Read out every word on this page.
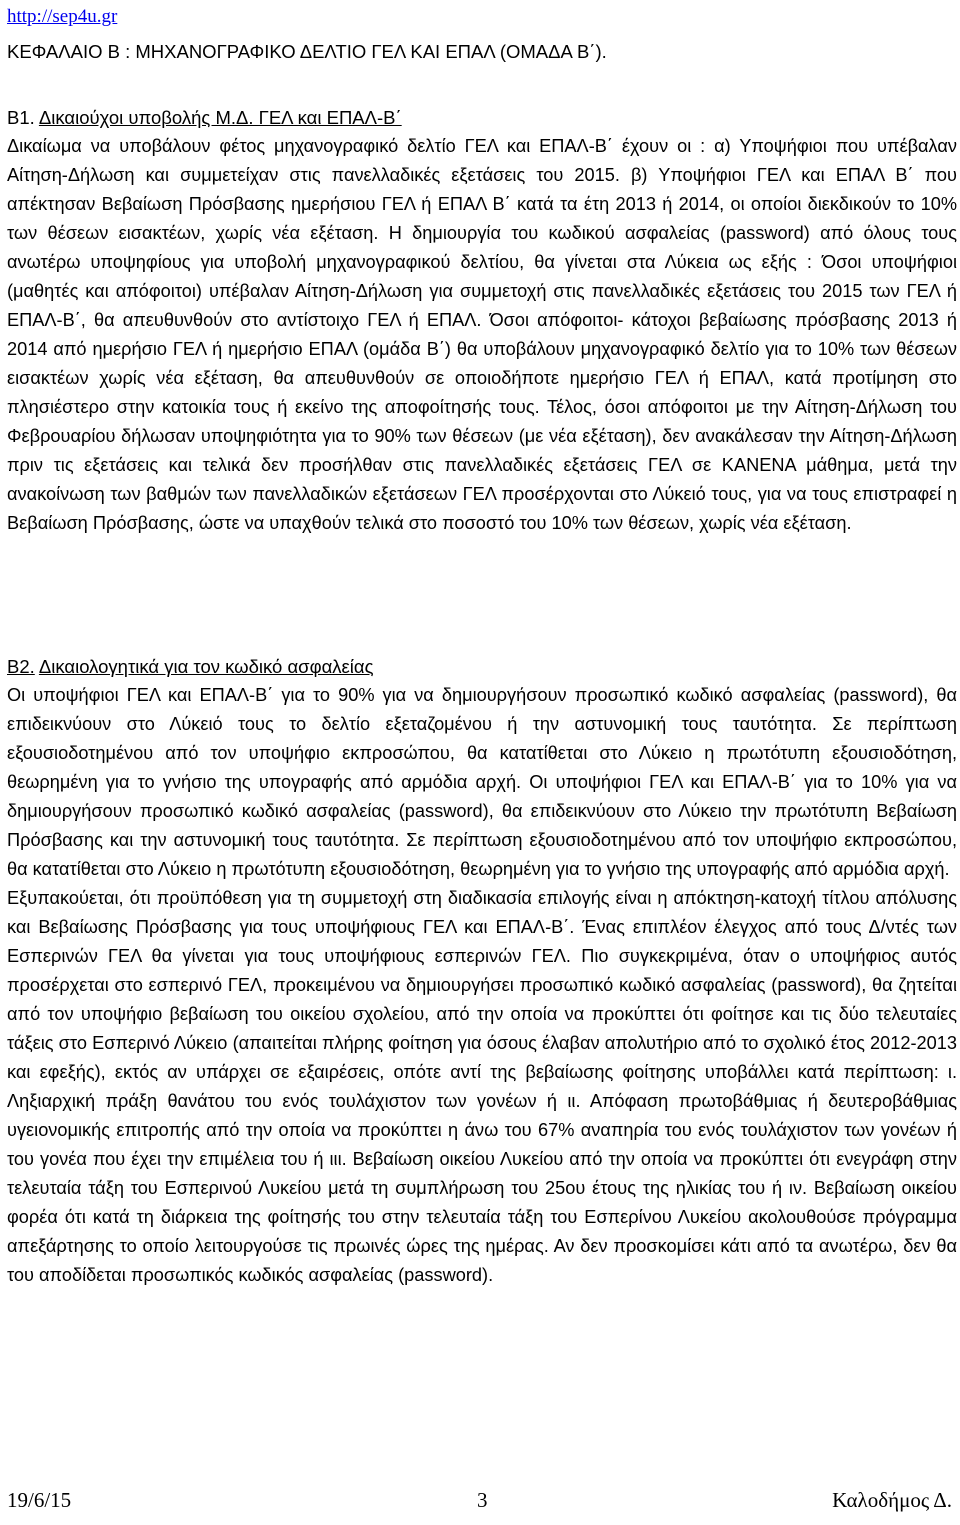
http://sep4u.gr
ΚΕΦΑΛΑΙΟ Β : ΜΗΧΑΝΟΓΡΑΦΙΚΟ ΔΕΛΤΙΟ ΓΕΛ ΚΑΙ ΕΠΑΛ (ΟΜΑΔΑ Β΄).
Β1. Δικαιούχοι υποβολής Μ.Δ. ΓΕΛ και ΕΠΑΛ-Β΄

Δικαίωμα να υποβάλουν φέτος μηχανογραφικό δελτίο ΓΕΛ και ΕΠΑΛ-Β΄ έχουν οι : α) Υποψήφιοι που υπέβαλαν Αίτηση-Δήλωση και συμμετείχαν στις πανελλαδικές εξετάσεις του 2015. β) Υποψήφιοι ΓΕΛ και ΕΠΑΛ Β΄ που απέκτησαν Βεβαίωση Πρόσβασης ημερήσιου ΓΕΛ ή ΕΠΑΛ Β΄ κατά τα έτη 2013 ή 2014, οι οποίοι διεκδικούν το 10% των θέσεων εισακτέων, χωρίς νέα εξέταση. Η δημιουργία του κωδικού ασφαλείας (password) από όλους τους ανωτέρω υποψηφίους για υποβολή μηχανογραφικού δελτίου, θα γίνεται στα Λύκεια ως εξής : Όσοι υποψήφιοι (μαθητές και απόφοιτοι) υπέβαλαν Αίτηση-Δήλωση για συμμετοχή στις πανελλαδικές εξετάσεις του 2015 των ΓΕΛ ή ΕΠΑΛ-Β΄, θα απευθυνθούν στο αντίστοιχο ΓΕΛ ή ΕΠΑΛ. Όσοι απόφοιτοι- κάτοχοι βεβαίωσης πρόσβασης 2013 ή 2014 από ημερήσιο ΓΕΛ ή ημερήσιο ΕΠΑΛ (ομάδα Β΄) θα υποβάλουν μηχανογραφικό δελτίο για το 10% των θέσεων εισακτέων χωρίς νέα εξέταση, θα απευθυνθούν σε οποιοδήποτε ημερήσιο ΓΕΛ ή ΕΠΑΛ, κατά προτίμηση στο πλησιέστερο στην κατοικία τους ή εκείνο της αποφοίτησής τους. Τέλος, όσοι απόφοιτοι με την Αίτηση-Δήλωση του Φεβρουαρίου δήλωσαν υποψηφιότητα για το 90% των θέσεων (με νέα εξέταση), δεν ανακάλεσαν την Αίτηση-Δήλωση πριν τις εξετάσεις και τελικά δεν προσήλθαν στις πανελλαδικές εξετάσεις ΓΕΛ σε ΚΑΝΕΝΑ μάθημα, μετά την ανακοίνωση των βαθμών των πανελλαδικών εξετάσεων ΓΕΛ προσέρχονται στο Λύκειό τους, για να τους επιστραφεί η Βεβαίωση Πρόσβασης, ώστε να υπαχθούν τελικά στο ποσοστό του 10% των θέσεων, χωρίς νέα εξέταση.

Β2. Δικαιολογητικά για τον κωδικό ασφαλείας

Οι υποψήφιοι ΓΕΛ και ΕΠΑΛ-Β΄ για το 90% για να δημιουργήσουν προσωπικό κωδικό ασφαλείας (password), θα επιδεικνύουν στο Λύκειό τους το δελτίο εξεταζομένου ή την αστυνομική τους ταυτότητα. Σε περίπτωση εξουσιοδοτημένου από τον υποψήφιο εκπροσώπου, θα κατατίθεται στο Λύκειο η πρωτότυπη εξουσιοδότηση, θεωρημένη για το γνήσιο της υπογραφής από αρμόδια αρχή. Οι υποψήφιοι ΓΕΛ και ΕΠΑΛ-Β΄ για το 10% για να δημιουργήσουν προσωπικό κωδικό ασφαλείας (password), θα επιδεικνύουν στο Λύκειο την πρωτότυπη Βεβαίωση Πρόσβασης και την αστυνομική τους ταυτότητα. Σε περίπτωση εξουσιοδοτημένου από τον υποψήφιο εκπροσώπου, θα κατατίθεται στο Λύκειο η πρωτότυπη εξουσιοδότηση, θεωρημένη για το γνήσιο της υπογραφής από αρμόδια αρχή.

Εξυπακούεται, ότι προϋπόθεση για τη συμμετοχή στη διαδικασία επιλογής είναι η απόκτηση-κατοχή τίτλου απόλυσης και Βεβαίωσης Πρόσβασης για τους υποψήφιους ΓΕΛ και ΕΠΑΛ-Β΄. Ένας επιπλέον έλεγχος από τους Δ/ντές των Εσπερινών ΓΕΛ θα γίνεται για τους υποψήφιους εσπερινών ΓΕΛ. Πιο συγκεκριμένα, όταν ο υποψήφιος αυτός προσέρχεται στο εσπερινό ΓΕΛ, προκειμένου να δημιουργήσει προσωπικό κωδικό ασφαλείας (password), θα ζητείται από τον υποψήφιο βεβαίωση του οικείου σχολείου, από την οποία να προκύπτει ότι φοίτησε και τις δύο τελευταίες τάξεις στο Εσπερινό Λύκειο (απαιτείται πλήρης φοίτηση για όσους έλαβαν απολυτήριο από το σχολικό έτος 2012-2013 και εφεξής), εκτός αν υπάρχει σε εξαιρέσεις, οπότε αντί της βεβαίωσης φοίτησης υποβάλλει κατά περίπτωση: ι. Ληξιαρχική πράξη θανάτου του ενός τουλάχιστον των γονέων ή ιι. Απόφαση πρωτοβάθμιας ή δευτεροβάθμιας υγειονομικής επιτροπής από την οποία να προκύπτει η άνω του 67% αναπηρία του ενός τουλάχιστον των γονέων ή του γονέα που έχει την επιμέλεια του ή ιιι. Βεβαίωση οικείου Λυκείου από την οποία να προκύπτει ότι ενεγράφη στην τελευταία τάξη του Εσπερινού Λυκείου μετά τη συμπλήρωση του 25ου έτους της ηλικίας του ή ιν. Βεβαίωση οικείου φορέα ότι κατά τη διάρκεια της φοίτησής του στην τελευταία τάξη του Εσπερίνου Λυκείου ακολουθούσε πρόγραμμα απεξάρτησης το οποίο λειτουργούσε τις πρωινές ώρες της ημέρας. Αν δεν προσκομίσει κάτι από τα ανωτέρω, δεν θα του αποδίδεται προσωπικός κωδικός ασφαλείας (password).

19/6/15	3	Καλοδήμος Δ.
